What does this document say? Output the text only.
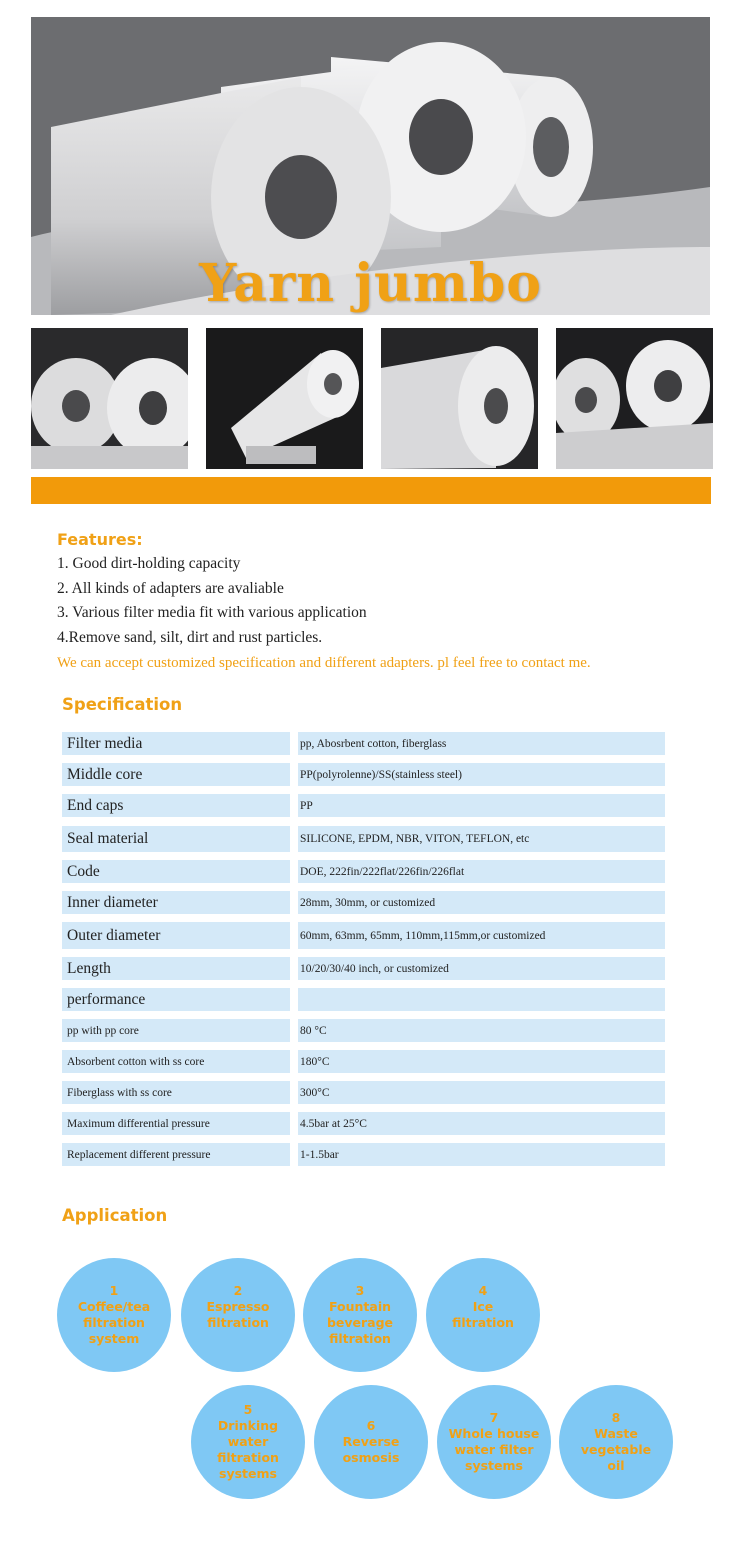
Yarn jumbo
Features:
1. Good dirt-holding capacity
2. All kinds of adapters are avaliable
3. Various filter media fit with various application
4.Remove sand, silt, dirt and rust particles.
We can accept customized specification and different adapters. pl feel free to contact me.
Specification
Filter media	pp, Abosrbent cotton, fiberglass
Middle core	PP(polyrolenne)/SS(stainless steel)
End caps	PP
Seal material	SILICONE, EPDM, NBR, VITON, TEFLON, etc
Code	DOE, 222fin/222flat/226fin/226flat
Inner diameter	28mm, 30mm, or customized
Outer diameter	60mm, 63mm, 65mm, 110mm,115mm,or customized
Length	10/20/30/40 inch, or customized
performance
pp with pp core	80 °C
Absorbent cotton with ss core	180°C
Fiberglass with ss core	300°C
Maximum differential pressure	4.5bar at 25°C
Replacement different pressure	1-1.5bar
Application
1
Coffee/tea
filtration
system
2
Espresso
filtration
3
Fountain
beverage
filtration
4
Ice
filtration
5
Drinking
water
filtration
systems
6
Reverse
osmosis
7
Whole house
water filter
systems
8
Waste
vegetable
oil
